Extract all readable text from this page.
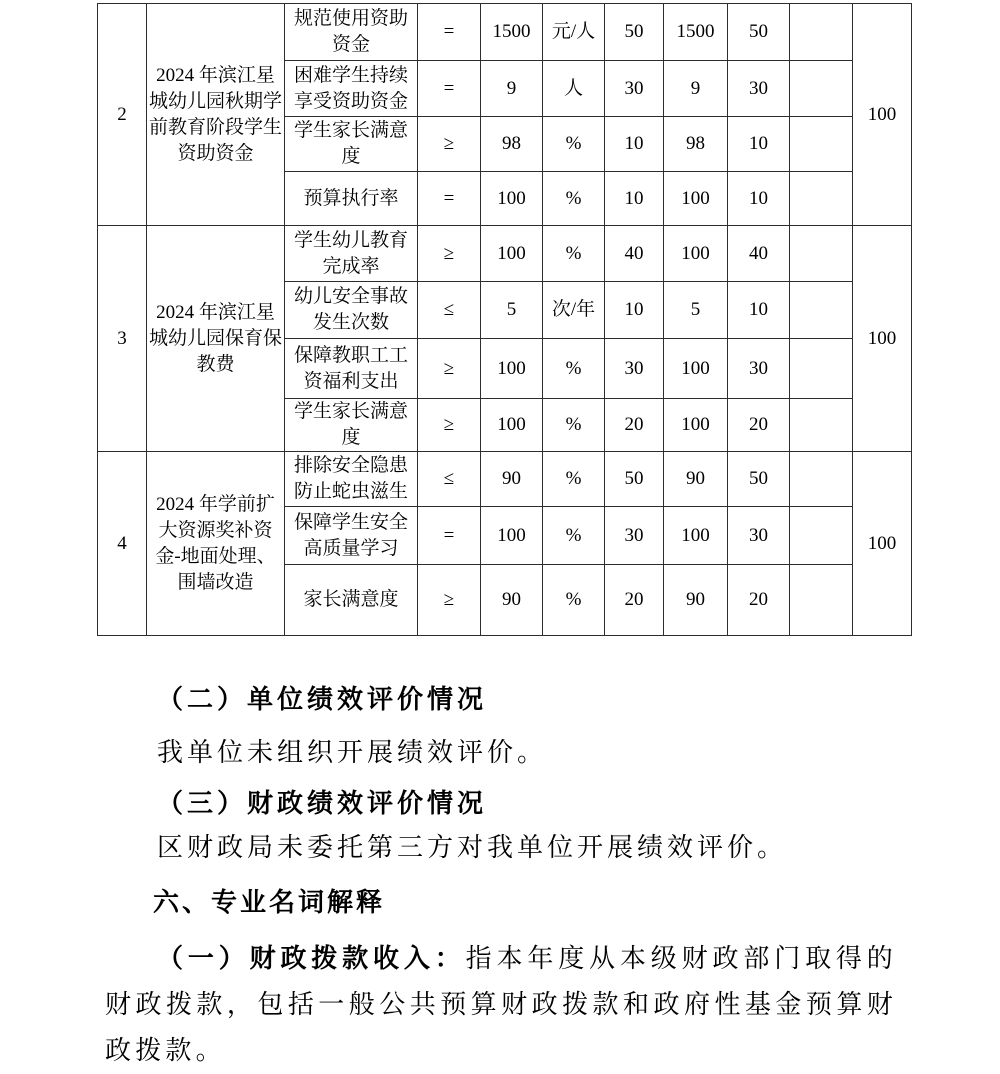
2	2024 年滨江星城幼儿园秋期学前教育阶段学生资助资金	规范使用资助资金	=	1500	元/人	50	1500	50		100
		困难学生持续享受资助资金	=	9	人	30	9	30		
		学生家长满意度	≥	98	%	10	98	10		
		预算执行率	=	100	%	10	100	10		
3	2024 年滨江星城幼儿园保育保教费	学生幼儿教育完成率	≥	100	%	40	100	40		100
		幼儿安全事故发生次数	≤	5	次/年	10	5	10		
		保障教职工工资福利支出	≥	100	%	30	100	30		
		学生家长满意度	≥	100	%	20	100	20		
4	2024 年学前扩大资源奖补资金-地面处理、围墙改造	排除安全隐患防止蛇虫滋生	≤	90	%	50	90	50		100
		保障学生安全高质量学习	=	100	%	30	100	30		
		家长满意度	≥	90	%	20	90	20		
（二）单位绩效评价情况
我单位未组织开展绩效评价。
（三）财政绩效评价情况
区财政局未委托第三方对我单位开展绩效评价。
六、专业名词解释
（一）财政拨款收入：指本年度从本级财政部门取得的财政拨款，包括一般公共预算财政拨款和政府性基金预算财政拨款。
